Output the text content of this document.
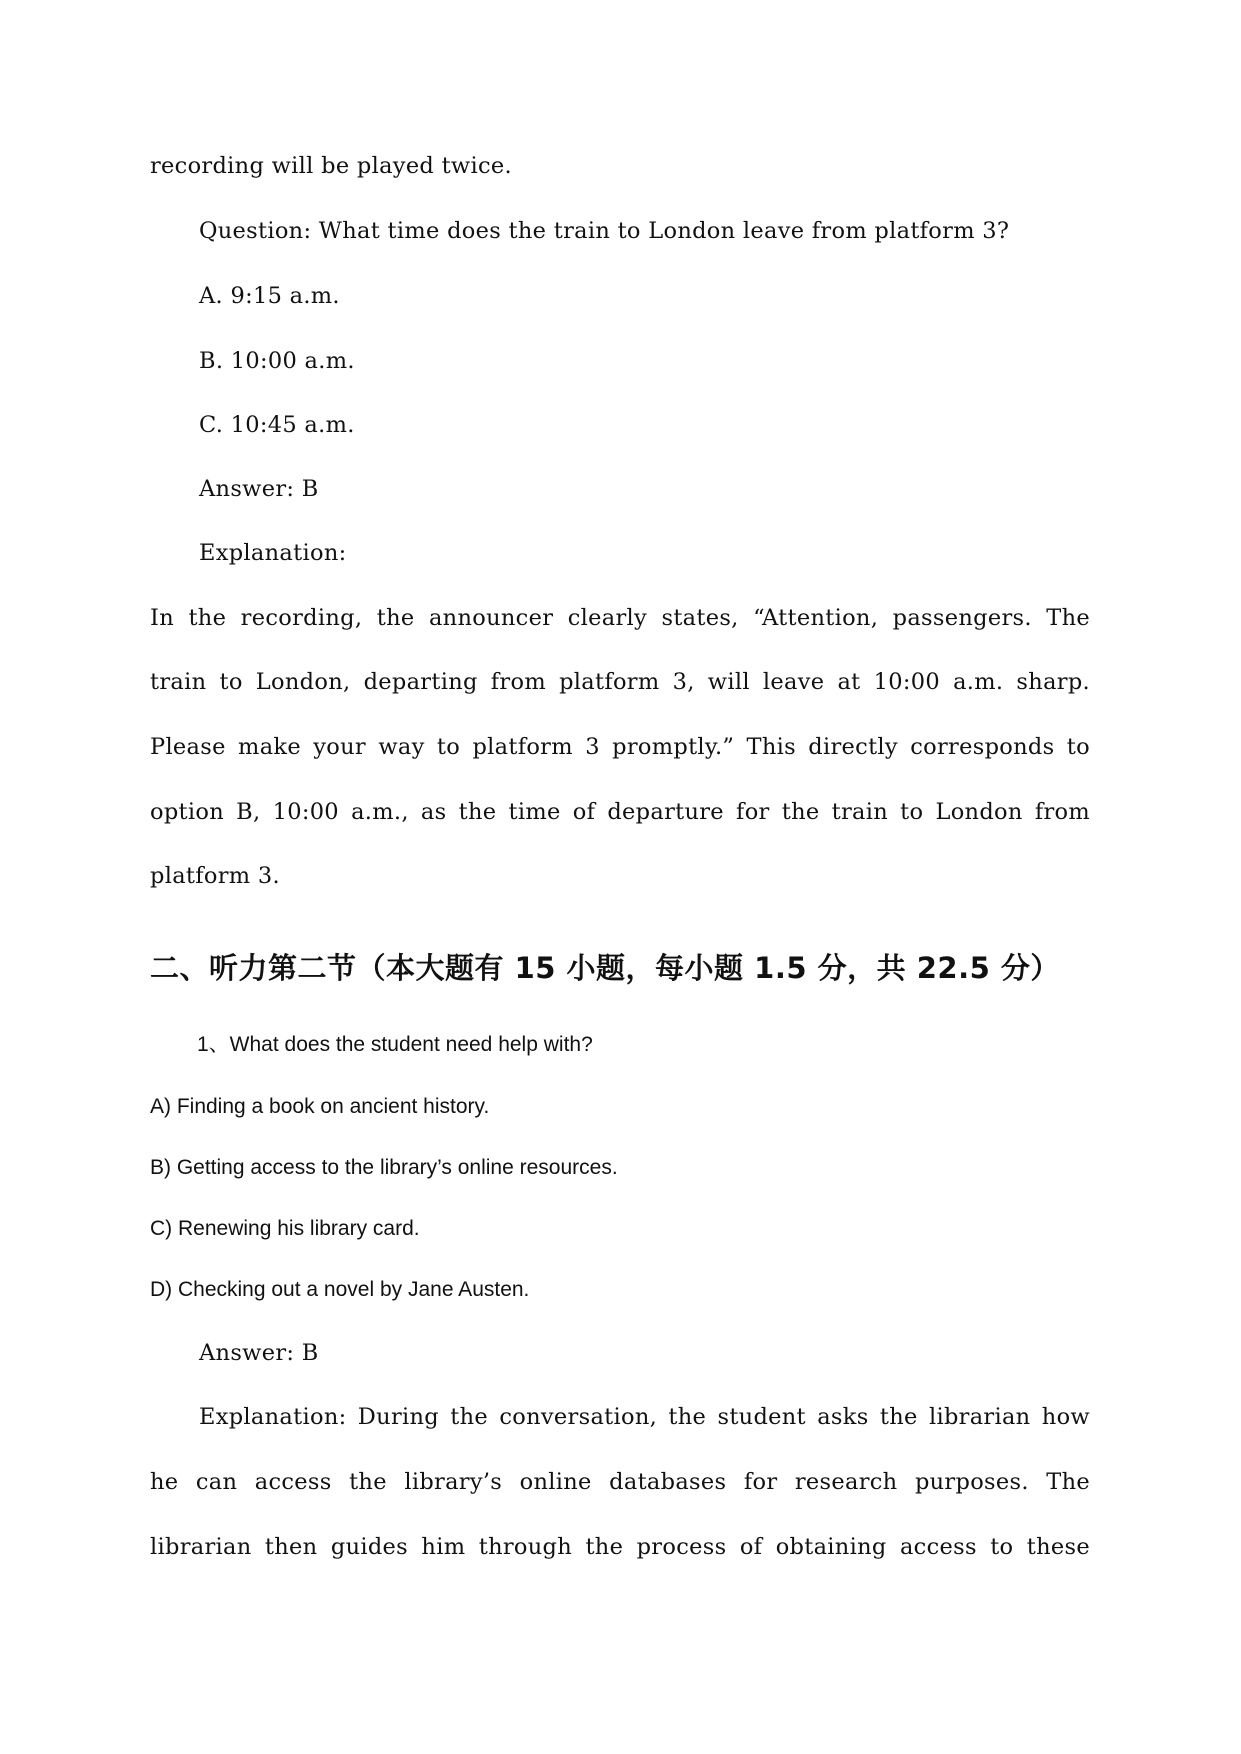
recording will be played twice.
Question: What time does the train to London leave from platform 3?
A. 9:15 a.m.
B. 10:00 a.m.
C. 10:45 a.m.
Answer: B
Explanation:
In the recording, the announcer clearly states, “Attention, passengers. The
train to London, departing from platform 3, will leave at 10:00 a.m. sharp.
Please make your way to platform 3 promptly.” This directly corresponds to
option B, 10:00 a.m., as the time of departure for the train to London from
platform 3.
二、听力第二节（本大题有 15 小题，每小题 1.5 分，共 22.5 分）
1、What does the student need help with?
A) Finding a book on ancient history.
B) Getting access to the library’s online resources.
C) Renewing his library card.
D) Checking out a novel by Jane Austen.
Answer: B
Explanation: During the conversation, the student asks the librarian how
he can access the library’s online databases for research purposes. The
librarian then guides him through the process of obtaining access to these
